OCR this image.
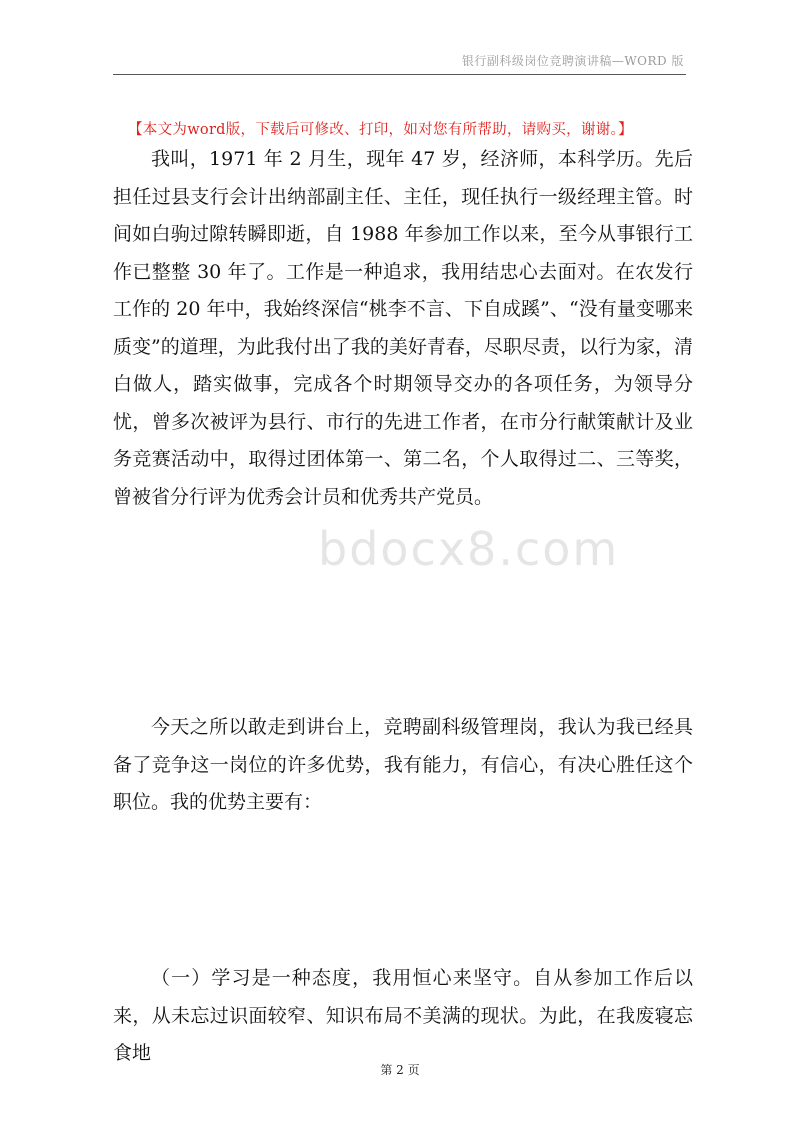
银行副科级岗位竞聘演讲稿—WORD 版
【本文为word版，下载后可修改、打印，如对您有所帮助，请购买，谢谢。】

我叫，1971 年 2 月生，现年 47 岁，经济师，本科学历。先后担任过县支行会计出纳部副主任、主任，现任执行一级经理主管。时间如白驹过隙转瞬即逝，自 1988 年参加工作以来，至今从事银行工作已整整 30 年了。工作是一种追求，我用结忠心去面对。在农发行工作的 20 年中，我始终深信“桃李不言、下自成蹊”、“没有量变哪来质变”的道理，为此我付出了我的美好青春，尽职尽责，以行为家，清白做人，踏实做事，完成各个时期领导交办的各项任务，为领导分忧，曾多次被评为县行、市行的先进工作者，在市分行献策献计及业务竞赛活动中，取得过团体第一、第二名，个人取得过二、三等奖，曾被省分行评为优秀会计员和优秀共产党员。

bdocx8.com

今天之所以敢走到讲台上，竞聘副科级管理岗，我认为我已经具备了竞争这一岗位的许多优势，我有能力，有信心，有决心胜任这个职位。我的优势主要有：

（一）学习是一种态度，我用恒心来坚守。自从参加工作后以来，从未忘过识面较窄、知识布局不美满的现状。为此，在我废寝忘食地

第 2 页
